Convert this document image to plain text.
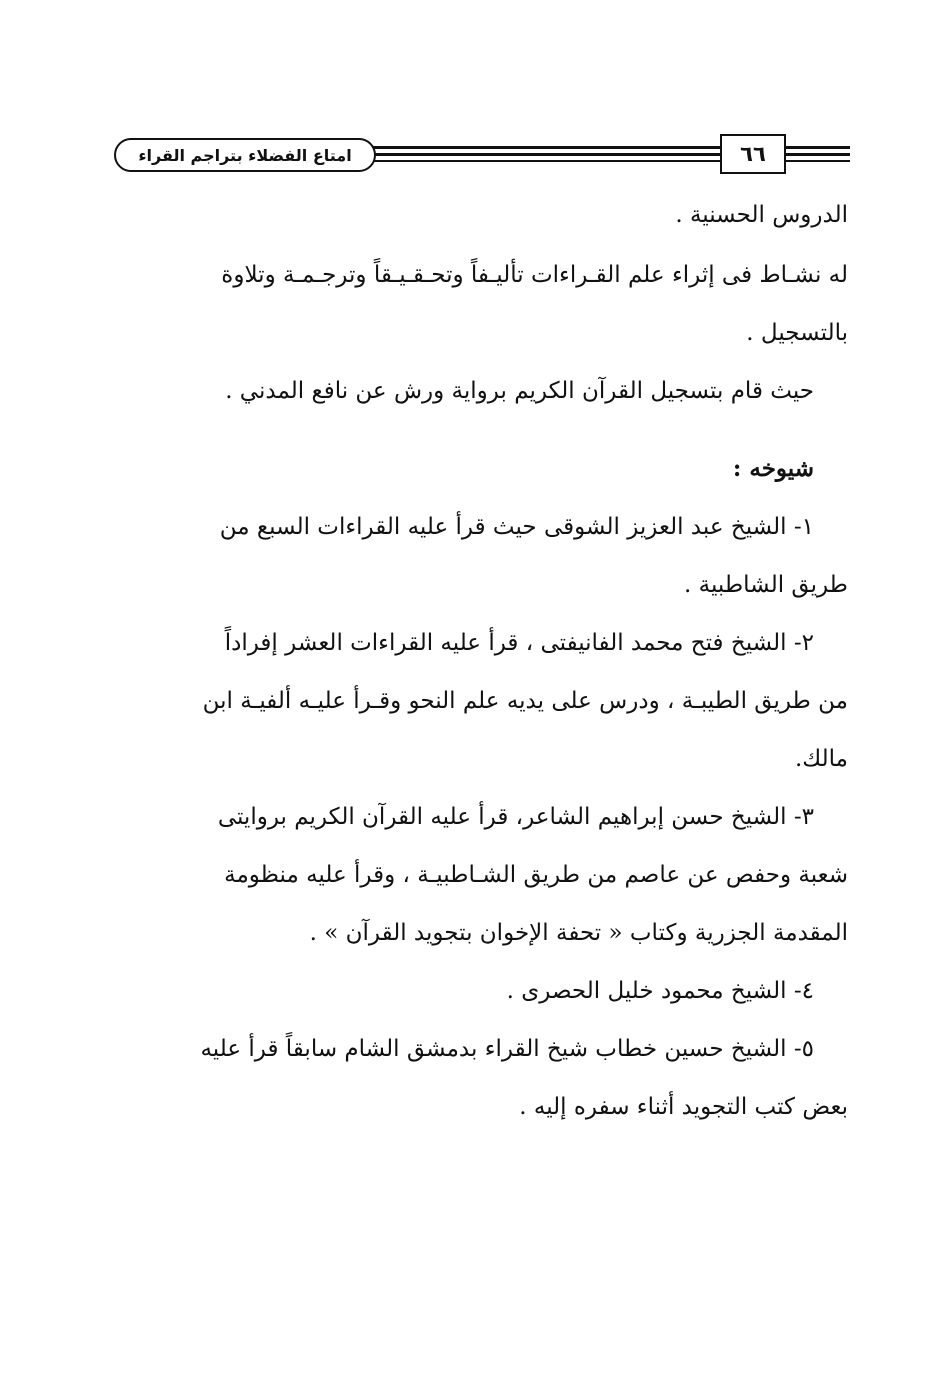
امتاع الفضلاء بتراجم القراء	٦٦
الدروس الحسنية .
له نشـاط فى إثراء علم القـراءات تأليـفاً وتحـقـيـقاً وترجـمـة وتلاوة
بالتسجيل .
حيث قام بتسجيل القرآن الكريم برواية ورش عن نافع المدني .
شيوخه :
١- الشيخ عبد العزيز الشوقى حيث قرأ عليه القراءات السبع من
طريق الشاطبية .
٢- الشيخ فتح محمد الفانيفتى ، قرأ عليه القراءات العشر إفراداً
من طريق الطيبـة ، ودرس على يديه علم النحو وقـرأ عليـه ألفيـة ابن
مالك.
٣- الشيخ حسن إبراهيم الشاعر، قرأ عليه القرآن الكريم بروايتى
شعبة وحفص عن عاصم من طريق الشـاطبيـة ، وقرأ عليه منظومة
المقدمة الجزرية وكتاب « تحفة الإخوان بتجويد القرآن » .
٤- الشيخ محمود خليل الحصرى .
٥- الشيخ حسين خطاب شيخ القراء بدمشق الشام سابقاً قرأ عليه
بعض كتب التجويد أثناء سفره إليه .
